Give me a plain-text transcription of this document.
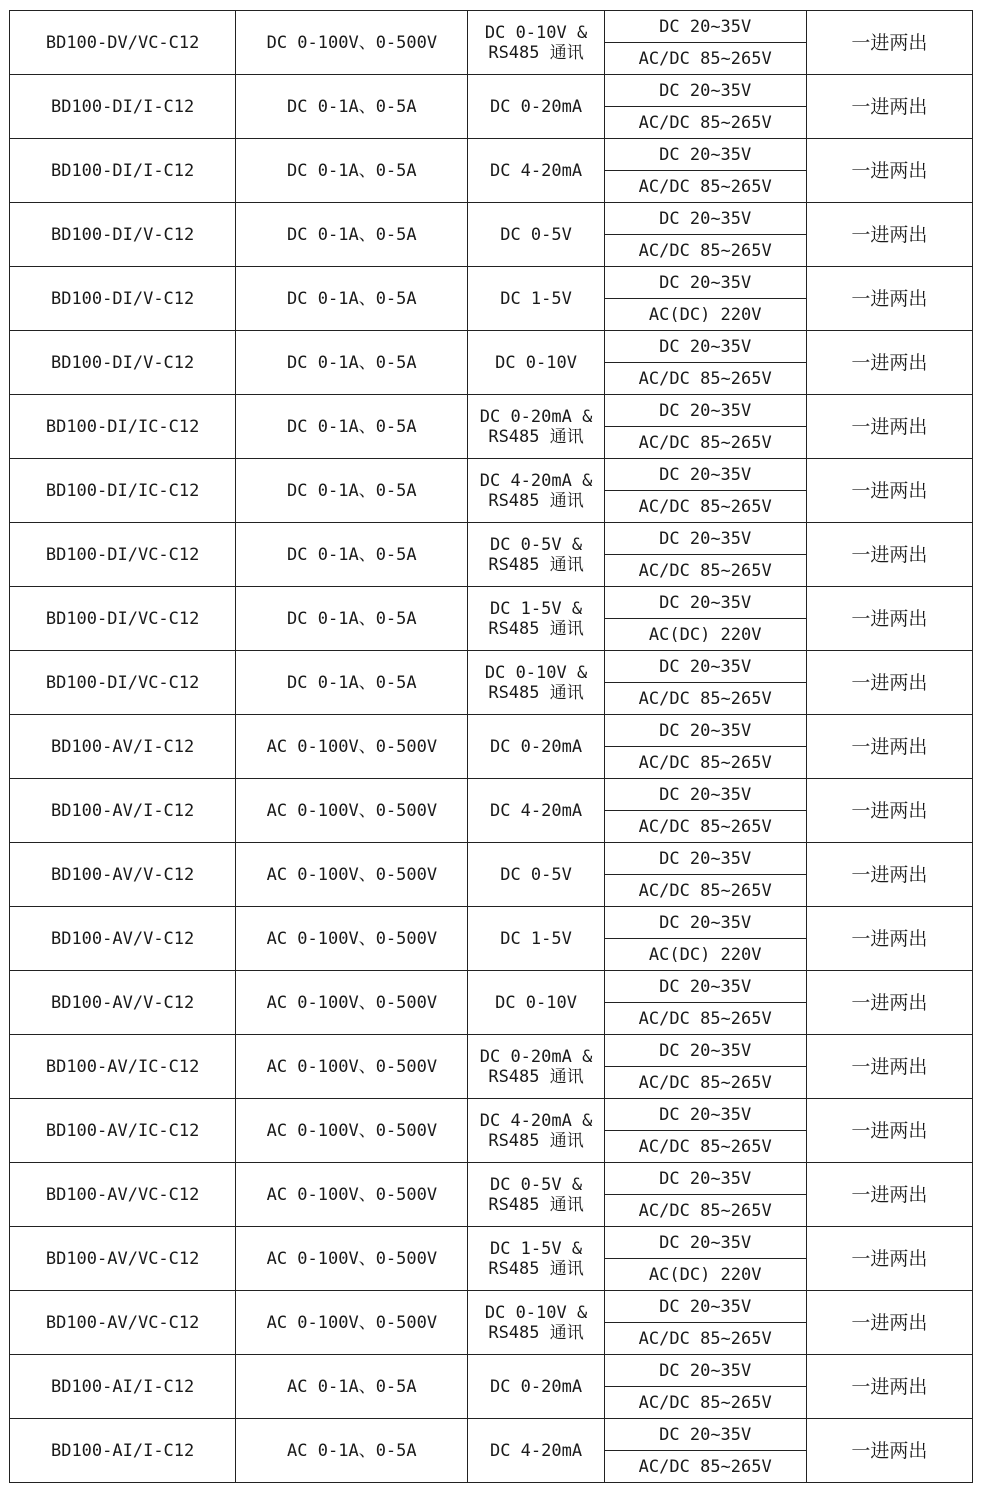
BD100-DV/VC-C12	DC 0-100V、0-500V	DC 0-10V &
RS485 通讯	DC 20~35V	一进两出
			AC/DC 85~265V	
BD100-DI/I-C12	DC 0-1A、0-5A	DC 0-20mA	DC 20~35V	一进两出
			AC/DC 85~265V	
BD100-DI/I-C12	DC 0-1A、0-5A	DC 4-20mA	DC 20~35V	一进两出
			AC/DC 85~265V	
BD100-DI/V-C12	DC 0-1A、0-5A	DC 0-5V	DC 20~35V	一进两出
			AC/DC 85~265V	
BD100-DI/V-C12	DC 0-1A、0-5A	DC 1-5V	DC 20~35V	一进两出
			AC(DC) 220V	
BD100-DI/V-C12	DC 0-1A、0-5A	DC 0-10V	DC 20~35V	一进两出
			AC/DC 85~265V	
BD100-DI/IC-C12	DC 0-1A、0-5A	DC 0-20mA &
RS485 通讯	DC 20~35V	一进两出
			AC/DC 85~265V	
BD100-DI/IC-C12	DC 0-1A、0-5A	DC 4-20mA &
RS485 通讯	DC 20~35V	一进两出
			AC/DC 85~265V	
BD100-DI/VC-C12	DC 0-1A、0-5A	DC 0-5V &
RS485 通讯	DC 20~35V	一进两出
			AC/DC 85~265V	
BD100-DI/VC-C12	DC 0-1A、0-5A	DC 1-5V &
RS485 通讯	DC 20~35V	一进两出
			AC(DC) 220V	
BD100-DI/VC-C12	DC 0-1A、0-5A	DC 0-10V &
RS485 通讯	DC 20~35V	一进两出
			AC/DC 85~265V	
BD100-AV/I-C12	AC 0-100V、0-500V	DC 0-20mA	DC 20~35V	一进两出
			AC/DC 85~265V	
BD100-AV/I-C12	AC 0-100V、0-500V	DC 4-20mA	DC 20~35V	一进两出
			AC/DC 85~265V	
BD100-AV/V-C12	AC 0-100V、0-500V	DC 0-5V	DC 20~35V	一进两出
			AC/DC 85~265V	
BD100-AV/V-C12	AC 0-100V、0-500V	DC 1-5V	DC 20~35V	一进两出
			AC(DC) 220V	
BD100-AV/V-C12	AC 0-100V、0-500V	DC 0-10V	DC 20~35V	一进两出
			AC/DC 85~265V	
BD100-AV/IC-C12	AC 0-100V、0-500V	DC 0-20mA &
RS485 通讯	DC 20~35V	一进两出
			AC/DC 85~265V	
BD100-AV/IC-C12	AC 0-100V、0-500V	DC 4-20mA &
RS485 通讯	DC 20~35V	一进两出
			AC/DC 85~265V	
BD100-AV/VC-C12	AC 0-100V、0-500V	DC 0-5V &
RS485 通讯	DC 20~35V	一进两出
			AC/DC 85~265V	
BD100-AV/VC-C12	AC 0-100V、0-500V	DC 1-5V &
RS485 通讯	DC 20~35V	一进两出
			AC(DC) 220V	
BD100-AV/VC-C12	AC 0-100V、0-500V	DC 0-10V &
RS485 通讯	DC 20~35V	一进两出
			AC/DC 85~265V	
BD100-AI/I-C12	AC 0-1A、0-5A	DC 0-20mA	DC 20~35V	一进两出
			AC/DC 85~265V	
BD100-AI/I-C12	AC 0-1A、0-5A	DC 4-20mA	DC 20~35V	一进两出
			AC/DC 85~265V	
